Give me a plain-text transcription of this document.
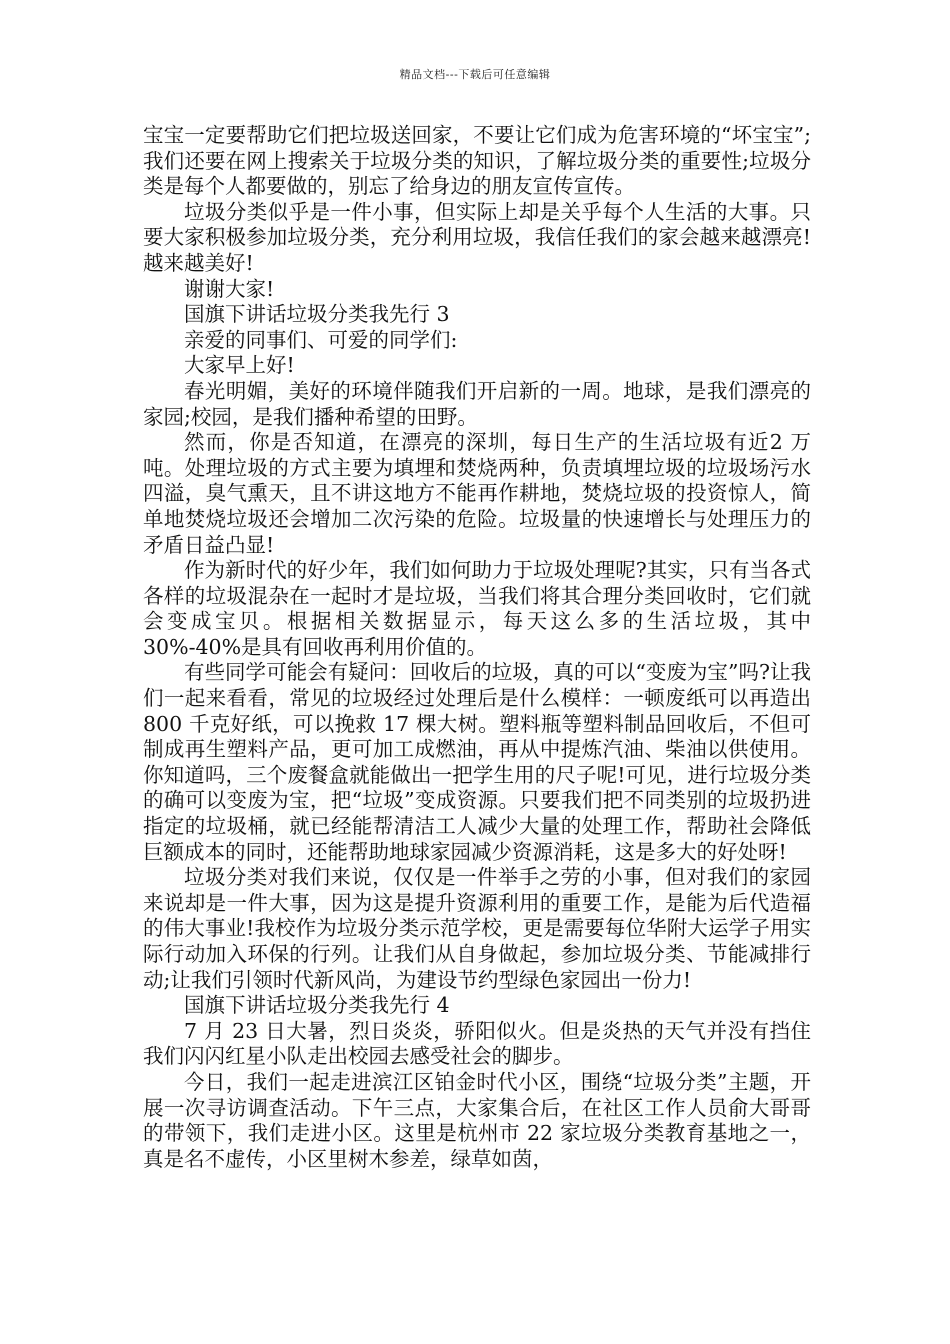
精品文档---下载后可任意编辑

宝宝一定要帮助它们把垃圾送回家，不要让它们成为危害环境的“坏宝宝”;我们还要在网上搜索关于垃圾分类的知识，了解垃圾分类的重要性;垃圾分类是每个人都要做的，别忘了给身边的朋友宣传宣传。

垃圾分类似乎是一件小事，但实际上却是关乎每个人生活的大事。只要大家积极参加垃圾分类，充分利用垃圾，我信任我们的家会越来越漂亮!越来越美好!

谢谢大家!

国旗下讲话垃圾分类我先行 3

亲爱的同事们、可爱的同学们:

大家早上好!

春光明媚，美好的环境伴随我们开启新的一周。地球，是我们漂亮的家园;校园，是我们播种希望的田野。

然而，你是否知道，在漂亮的深圳，每日生产的生活垃圾有近2 万吨。处理垃圾的方式主要为填埋和焚烧两种，负责填埋垃圾的垃圾场污水四溢，臭气熏天，且不讲这地方不能再作耕地，焚烧垃圾的投资惊人，简单地焚烧垃圾还会增加二次污染的危险。垃圾量的快速增长与处理压力的矛盾日益凸显!

作为新时代的好少年，我们如何助力于垃圾处理呢?其实，只有当各式各样的垃圾混杂在一起时才是垃圾，当我们将其合理分类回收时，它们就会变成宝贝。根据相关数据显示，每天这么多的生活垃圾，其中 30%-40%是具有回收再利用价值的。

有些同学可能会有疑问：回收后的垃圾，真的可以“变废为宝”吗?让我们一起来看看，常见的垃圾经过处理后是什么模样：一顿废纸可以再造出 800 千克好纸，可以挽救 17 棵大树。塑料瓶等塑料制品回收后，不但可制成再生塑料产品，更可加工成燃油，再从中提炼汽油、柴油以供使用。你知道吗，三个废餐盒就能做出一把学生用的尺子呢!可见，进行垃圾分类的确可以变废为宝，把“垃圾”变成资源。只要我们把不同类别的垃圾扔进指定的垃圾桶，就已经能帮清洁工人减少大量的处理工作，帮助社会降低巨额成本的同时，还能帮助地球家园减少资源消耗，这是多大的好处呀!

垃圾分类对我们来说，仅仅是一件举手之劳的小事，但对我们的家园来说却是一件大事，因为这是提升资源利用的重要工作，是能为后代造福的伟大事业!我校作为垃圾分类示范学校，更是需要每位华附大运学子用实际行动加入环保的行列。让我们从自身做起，参加垃圾分类、节能减排行动;让我们引领时代新风尚，为建设节约型绿色家园出一份力!

国旗下讲话垃圾分类我先行 4

7 月 23 日大暑，烈日炎炎，骄阳似火。但是炎热的天气并没有挡住我们闪闪红星小队走出校园去感受社会的脚步。

今日，我们一起走进滨江区铂金时代小区，围绕“垃圾分类”主题，开展一次寻访调查活动。下午三点，大家集合后，在社区工作人员俞大哥哥的带领下，我们走进小区。这里是杭州市 22 家垃圾分类教育基地之一，真是名不虚传，小区里树木参差，绿草如茵，
